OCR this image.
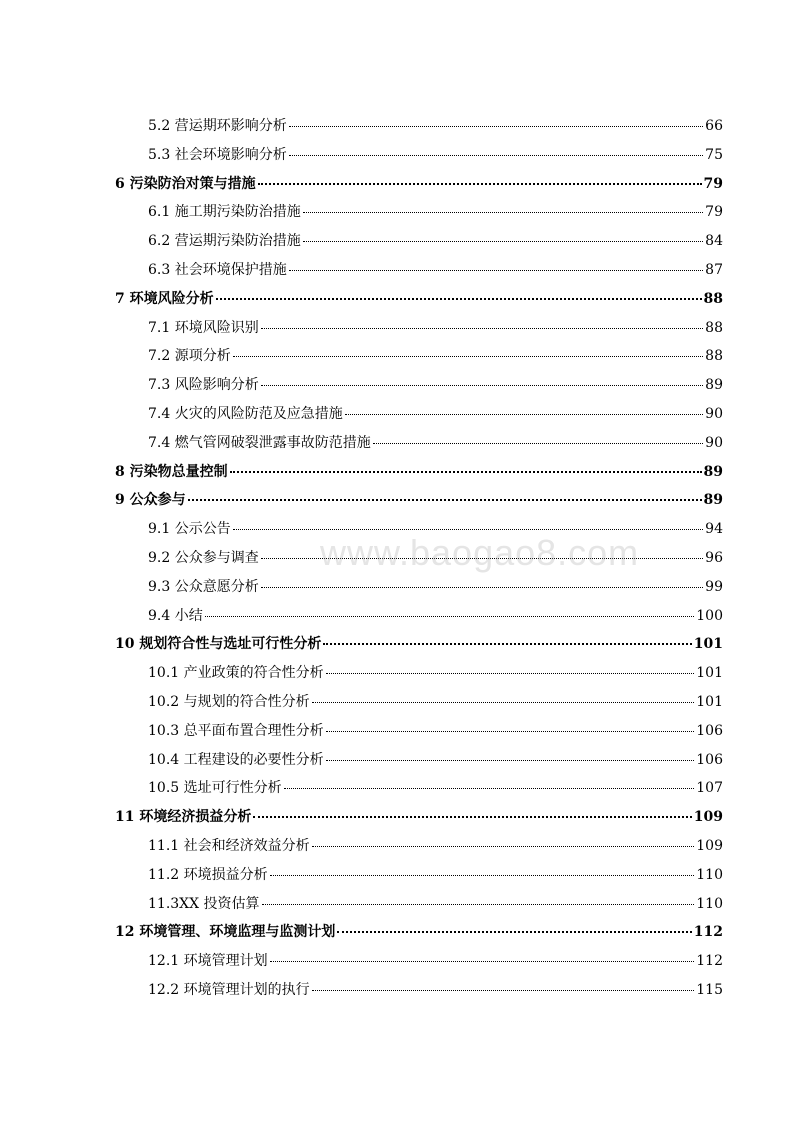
5.2 营运期环影响分析	66
5.3 社会环境影响分析	75
6 污染防治对策与措施	79
6.1 施工期污染防治措施	79
6.2 营运期污染防治措施	84
6.3 社会环境保护措施	87
7 环境风险分析	88
7.1 环境风险识别	88
7.2 源项分析	88
7.3 风险影响分析	89
7.4 火灾的风险防范及应急措施	90
7.4 燃气管网破裂泄露事故防范措施	90
8 污染物总量控制	89
9 公众参与	89
9.1 公示公告	94
9.2 公众参与调查	96
9.3 公众意愿分析	99
9.4 小结	100
10 规划符合性与选址可行性分析	101
10.1 产业政策的符合性分析	101
10.2 与规划的符合性分析	101
10.3 总平面布置合理性分析	106
10.4 工程建设的必要性分析	106
10.5 选址可行性分析	107
11 环境经济损益分析	109
11.1 社会和经济效益分析	109
11.2 环境损益分析	110
11.3XX 投资估算	110
12 环境管理、环境监理与监测计划	112
12.1 环境管理计划	112
12.2 环境管理计划的执行	115
www.baogao8.com
